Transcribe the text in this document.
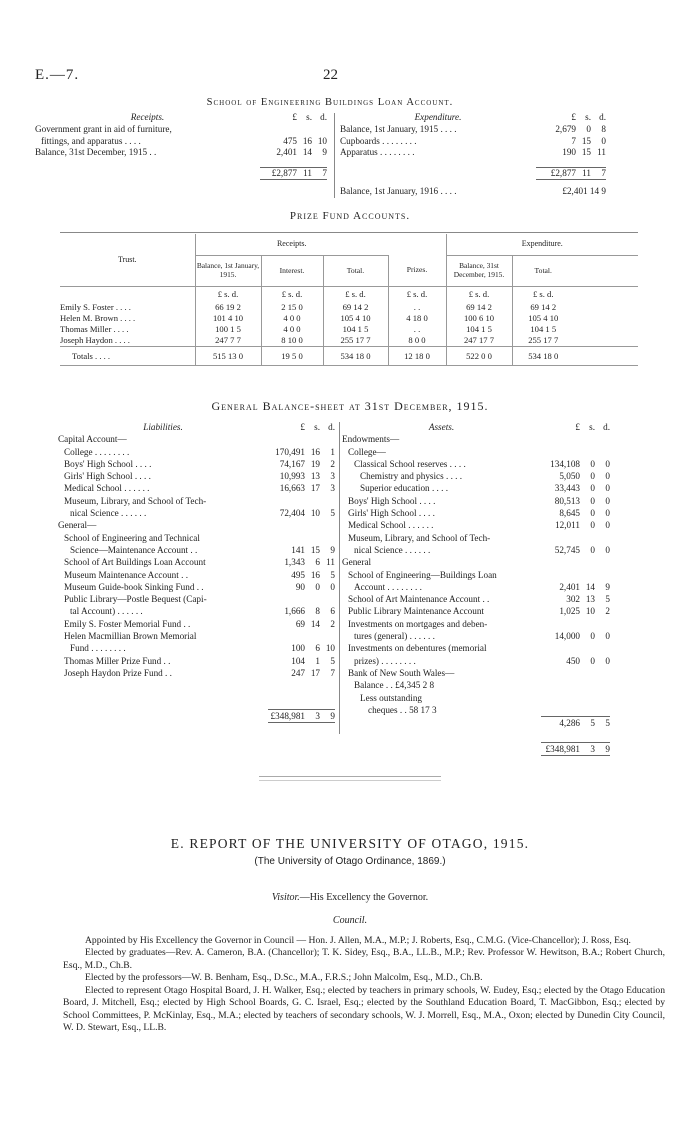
E.—7.	22
School of Engineering Buildings Loan Account.
Receipts.	£	s.	d.
Government grant in aid of furniture,			
fittings, and apparatus . . . .	475	16	10
Balance, 31st December, 1915 . .	2,401	14	9

	£2,877	11	7
Expenditure.	£	s.	d.
Balance, 1st January, 1915 . . . .	2,679	0	8
Cupboards . . . . . . . .	7	15	0
Apparatus . . . . . . . .	190	15	11

	£2,877	11	7

Balance, 1st January, 1916 . . . .	£2,401 14 9		
Prize Fund Accounts.
Trust.	Receipts.				Expenditure.	
	Balance, 1st January, 1915.	Interest.	Total.	Prizes.	Balance, 31st December, 1915.	Total.
	£ s. d.	£ s. d.	£ s. d.	£ s. d.	£ s. d.	£ s. d.
Emily S. Foster . . . .	66 19 2	2 15 0	69 14 2	. .	69 14 2	69 14 2
Helen M. Brown . . . .	101 4 10	4 0 0	105 4 10	4 18 0	100 6 10	105 4 10
Thomas Miller . . . .	100 1 5	4 0 0	104 1 5	. .	104 1 5	104 1 5
Joseph Haydon . . . .	247 7 7	8 10 0	255 17 7	8 0 0	247 17 7	255 17 7
Totals . . . .	515 13 0	19 5 0	534 18 0	12 18 0	522 0 0	534 18 0
General Balance-sheet at 31st December, 1915.
Liabilities.	£	s.	d.
Capital Account—			
College . . . . . . . .	170,491	16	1
Boys' High School . . . .	74,167	19	2
Girls' High School . . . .	10,993	13	3
Medical School . . . . . .	16,663	17	3
Museum, Library, and School of Tech-			
nical Science . . . . . .	72,404	10	5
General—			
School of Engineering and Technical			
Science—Maintenance Account . .	141	15	9
School of Art Buildings Loan Account	1,343	6	11
Museum Maintenance Account . .	495	16	5
Museum Guide-book Sinking Fund . .	90	0	0
Public Library—Postle Bequest (Capi-			
tal Account) . . . . . .	1,666	8	6
Emily S. Foster Memorial Fund . .	69	14	2
Helen Macmillian Brown Memorial			
Fund . . . . . . . .	100	6	10
Thomas Miller Prize Fund . .	104	1	5
Joseph Haydon Prize Fund . .	247	17	7

	£348,981	3	9
Assets.	£	s.	d.
Endowments—			
College—			
Classical School reserves . . . .	134,108	0	0
Chemistry and physics . . . .	5,050	0	0
Superior education . . . .	33,443	0	0
Boys' High School . . . .	80,513	0	0
Girls' High School . . . .	8,645	0	0
Medical School . . . . . .	12,011	0	0
Museum, Library, and School of Tech-			
nical Science . . . . . .	52,745	0	0
General			
School of Engineering—Buildings Loan			
Account . . . . . . . .	2,401	14	9
School of Art Maintenance Account . .	302	13	5
Public Library Maintenance Account	1,025	10	2
Investments on mortgages and deben-			
tures (general) . . . . . .	14,000	0	0
Investments on debentures (memorial			
prizes) . . . . . . . .	450	0	0
Bank of New South Wales—			
Balance . . £4,345 2 8			
Less outstanding			
cheques . . 58 17 3			
	4,286	5	5

	£348,981	3	9
E. REPORT OF THE UNIVERSITY OF OTAGO, 1915.
(The University of Otago Ordinance, 1869.)
Visitor.—His Excellency the Governor.
Council.

Appointed by His Excellency the Governor in Council — Hon. J. Allen, M.A., M.P.; J. Roberts, Esq., C.M.G. (Vice-Chancellor); J. Ross, Esq.

Elected by graduates—Rev. A. Cameron, B.A. (Chancellor); T. K. Sidey, Esq., B.A., LL.B., M.P.; Rev. Professor W. Hewitson, B.A.; Robert Church, Esq., M.D., Ch.B.

Elected by the professors—W. B. Benham, Esq., D.Sc., M.A., F.R.S.; John Malcolm, Esq., M.D., Ch.B.

Elected to represent Otago Hospital Board, J. H. Walker, Esq.; elected by teachers in primary schools, W. Eudey, Esq.; elected by the Otago Education Board, J. Mitchell, Esq.; elected by High School Boards, G. C. Israel, Esq.; elected by the Southland Education Board, T. MacGibbon, Esq.; elected by School Committees, P. McKinlay, Esq., M.A.; elected by teachers of secondary schools, W. J. Morrell, Esq., M.A., Oxon; elected by Dunedin City Council, W. D. Stewart, Esq., LL.B.
